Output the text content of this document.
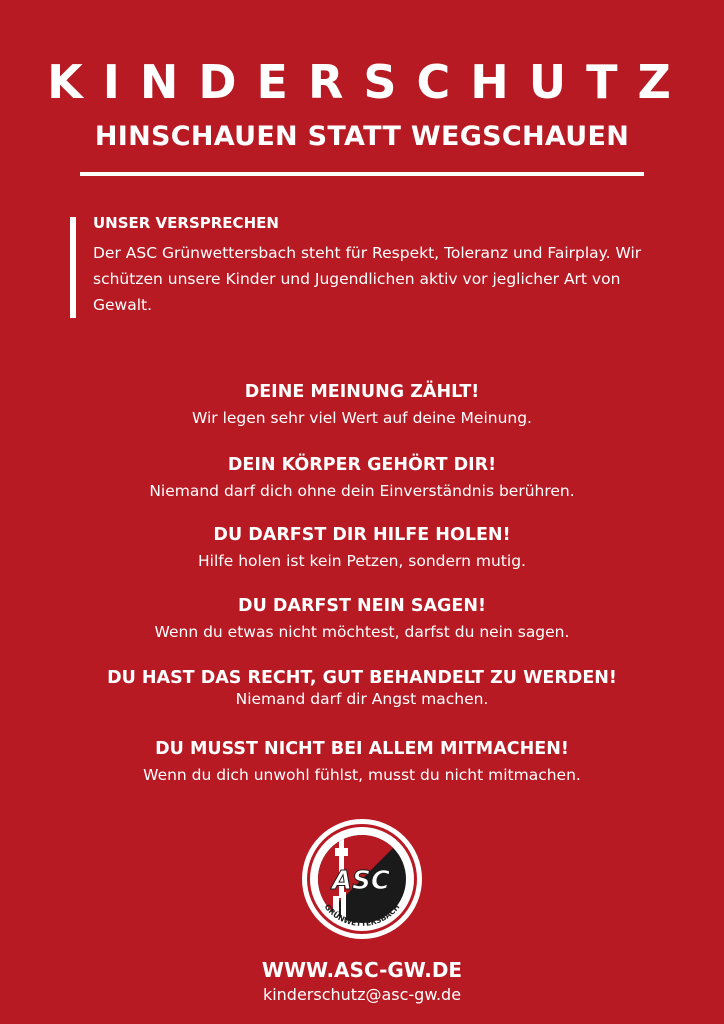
KINDERSCHUTZ
HINSCHAUEN STATT WEGSCHAUEN
UNSER VERSPRECHEN
Der ASC Grünwettersbach steht für Respekt, Toleranz und Fairplay. Wir schützen unsere Kinder und Jugendlichen aktiv vor jeglicher Art von Gewalt.
DEINE MEINUNG ZÄHLT!
Wir legen sehr viel Wert auf deine Meinung.
DEIN KÖRPER GEHÖRT DIR!
Niemand darf dich ohne dein Einverständnis berühren.
DU DARFST DIR HILFE HOLEN!
Hilfe holen ist kein Petzen, sondern mutig.
DU DARFST NEIN SAGEN!
Wenn du etwas nicht möchtest, darfst du nein sagen.
DU HAST DAS RECHT, GUT BEHANDELT ZU WERDEN!
Niemand darf dir Angst machen.
DU MUSST NICHT BEI ALLEM MITMACHEN!
Wenn du dich unwohl fühlst, musst du nicht mitmachen.
ASC
GRÜNWETTERSBACH
WWW.ASC-GW.DE
kinderschutz@asc-gw.de
